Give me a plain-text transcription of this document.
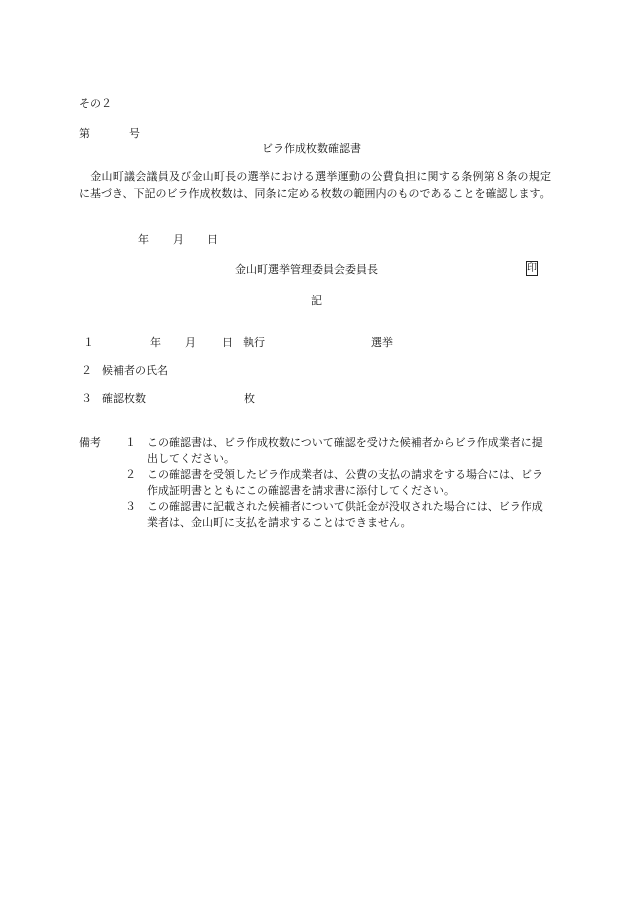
その２
第	号
ビラ作成枚数確認書
　金山町議会議員及び金山町長の選挙における選挙運動の公費負担に関する条例第８条の規定に基づき、下記のビラ作成枚数は、同条に定める枚数の範囲内のものであることを確認します。
年 月 日
金山町選挙管理委員会委員長	印
記
１	年 月 日 執行	選挙
２ 候補者の氏名
３ 確認枚数	枚
備考 １ この確認書は、ビラ作成枚数について確認を受けた候補者からビラ作成業者に提出してください。
２ この確認書を受領したビラ作成業者は、公費の支払の請求をする場合には、ビラ作成証明書とともにこの確認書を請求書に添付してください。
３ この確認書に記載された候補者について供託金が没収された場合には、ビラ作成業者は、金山町に支払を請求することはできません。
